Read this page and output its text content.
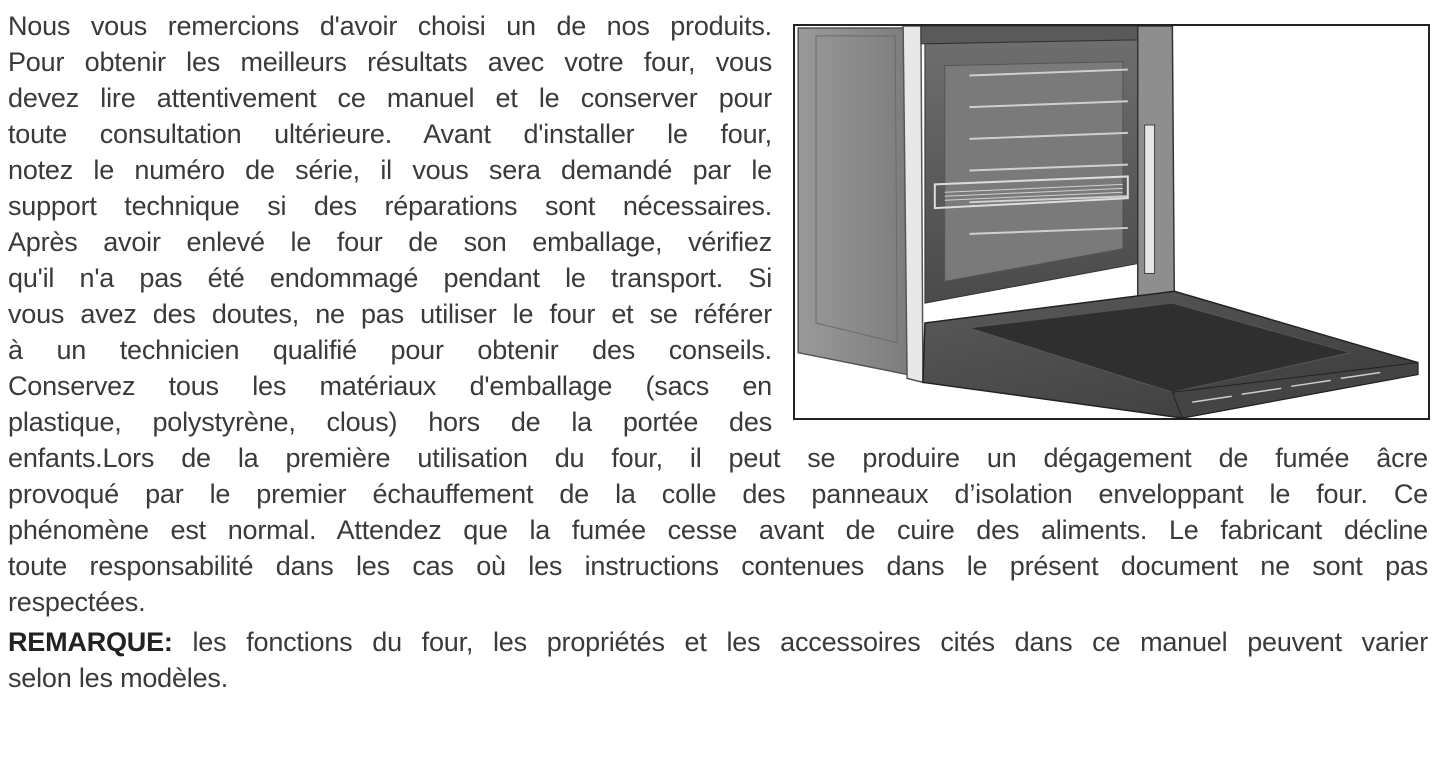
Nous vous remercions d'avoir choisi un de nos produits.
Pour obtenir les meilleurs résultats avec votre four, vous
devez lire attentivement ce manuel et le conserver pour
toute consultation ultérieure. Avant d'installer le four,
notez le numéro de série, il vous sera demandé par le
support technique si des réparations sont nécessaires.
Après avoir enlevé le four de son emballage, vérifiez
qu'il n'a pas été endommagé pendant le transport. Si
vous avez des doutes, ne pas utiliser le four et se référer
à un technicien qualifié pour obtenir des conseils.
Conservez tous les matériaux d'emballage (sacs en
plastique, polystyrène, clous) hors de la portée des
enfants.Lors de la première utilisation du four, il peut se produire un dégagement de fumée âcre
provoqué par le premier échauffement de la colle des panneaux d’isolation enveloppant le four. Ce
phénomène est normal. Attendez que la fumée cesse avant de cuire des aliments. Le fabricant décline
toute responsabilité dans les cas où les instructions contenues dans le présent document ne sont pas
respectées.
REMARQUE: les fonctions du four, les propriétés et les accessoires cités dans ce manuel peuvent varier
selon les modèles.
